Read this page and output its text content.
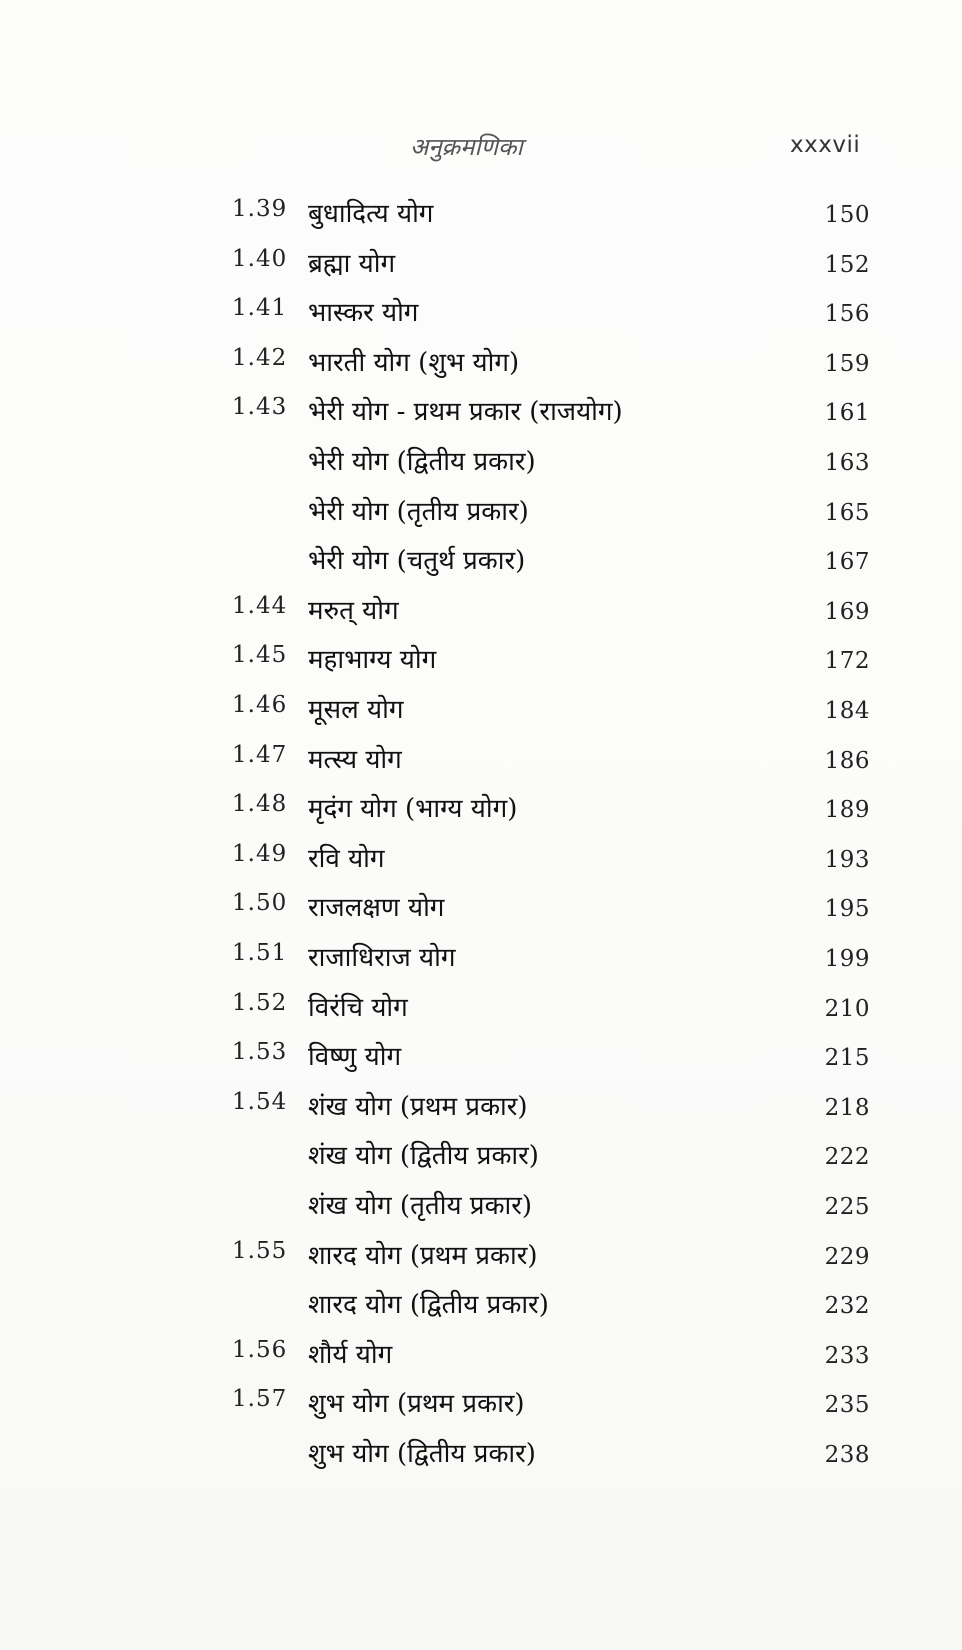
अनुक्रमणिका	xxxvii
1.39 बुधादित्य योग	150
1.40 ब्रह्मा योग	152
1.41 भास्कर योग	156
1.42 भारती योग (शुभ योग)	159
1.43 भेरी योग - प्रथम प्रकार (राजयोग)	161
भेरी योग (द्वितीय प्रकार)	163
भेरी योग (तृतीय प्रकार)	165
भेरी योग (चतुर्थ प्रकार)	167
1.44 मरुत् योग	169
1.45 महाभाग्य योग	172
1.46 मूसल योग	184
1.47 मत्स्य योग	186
1.48 मृदंग योग (भाग्य योग)	189
1.49 रवि योग	193
1.50 राजलक्षण योग	195
1.51 राजाधिराज योग	199
1.52 विरंचि योग	210
1.53 विष्णु योग	215
1.54 शंख योग (प्रथम प्रकार)	218
शंख योग (द्वितीय प्रकार)	222
शंख योग (तृतीय प्रकार)	225
1.55 शारद योग (प्रथम प्रकार)	229
शारद योग (द्वितीय प्रकार)	232
1.56 शौर्य योग	233
1.57 शुभ योग (प्रथम प्रकार)	235
शुभ योग (द्वितीय प्रकार)	238
